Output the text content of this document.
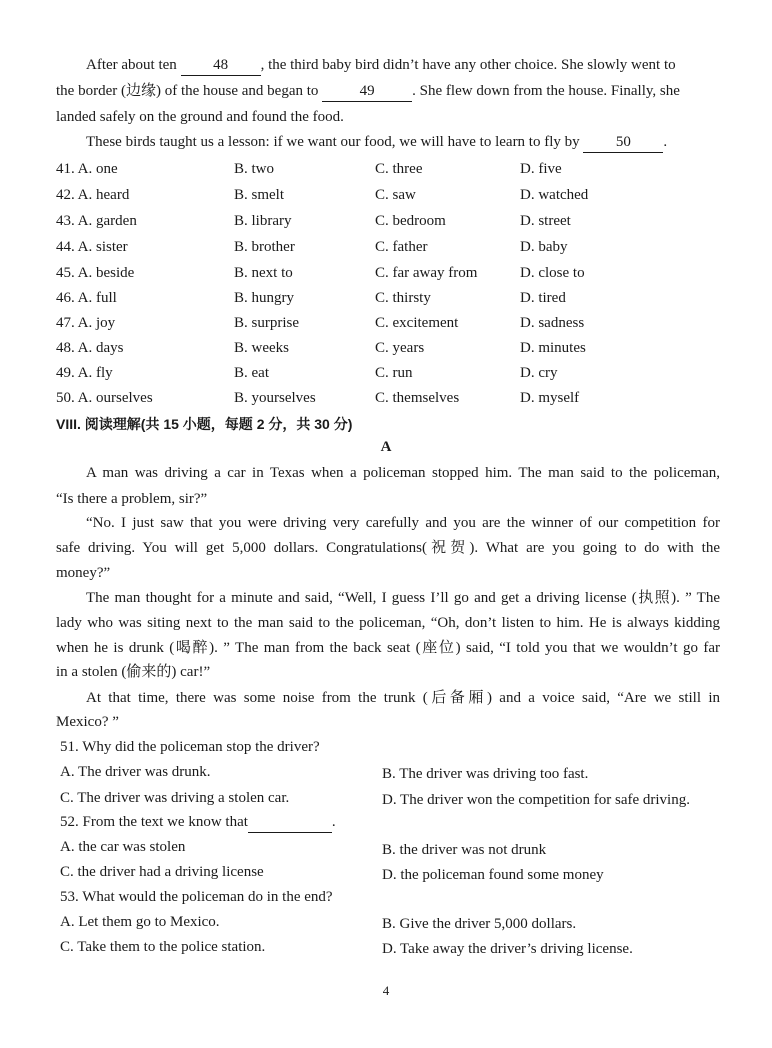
After about ten 48 , the third baby bird didn’t have any other choice. She slowly went to
the border (边缘) of the house and began to	49	. She flew down from the house. Finally, she
landed safely on the ground and found the food.
These birds taught us a lesson: if we want our food, we will have to learn to fly by 50 .
41. A. one	B. two	C. three	D. five
42. A. heard	B. smelt	C. saw	D. watched
43. A. garden	B. library	C. bedroom	D. street
44. A. sister	B. brother	C. father	D. baby
45. A. beside	B. next to	C. far away from	D. close to
46. A. full	B. hungry	C. thirsty	D. tired
47. A. joy	B. surprise	C. excitement	D. sadness
48. A. days	B. weeks	C. years	D. minutes
49. A. fly	B. eat	C. run	D. cry
50. A. ourselves	B. yourselves	C. themselves	D. myself
VIII. 阅读理解(共 15 小题，每题 2 分，共 30 分)
A
A man was driving a car in Texas when a policeman stopped him. The man said to the policeman,
“Is there a problem, sir?”
“No. I just saw that you were driving very carefully and you are the winner of our competition for
safe driving. You will get 5,000 dollars. Congratulations(祝贺). What are you going to do with the
money?”
The man thought for a minute and said, “Well, I guess I’ll go and get a driving license (执照). ” The
lady who was siting next to the man said to the policeman, “Oh, don’t listen to him. He is always kidding
when he is drunk (喝醉). ” The man from the back seat (座位) said, “I told you that we wouldn’t go far
in a stolen (偷来的) car!”
At that time, there was some noise from the trunk (后备厢) and a voice said, “Are we still in
Mexico? ”
51. Why did the policeman stop the driver?
A. The driver was drunk.	B. The driver was driving too fast.
C. The driver was driving a stolen car.	D. The driver won the competition for safe driving.
52. From the text we know that	.
A. the car was stolen	B. the driver was not drunk
C. the driver had a driving license	D. the policeman found some money
53. What would the policeman do in the end?
A. Let them go to Mexico.	B. Give the driver 5,000 dollars.
C. Take them to the police station.	D. Take away the driver’s driving license.
4
